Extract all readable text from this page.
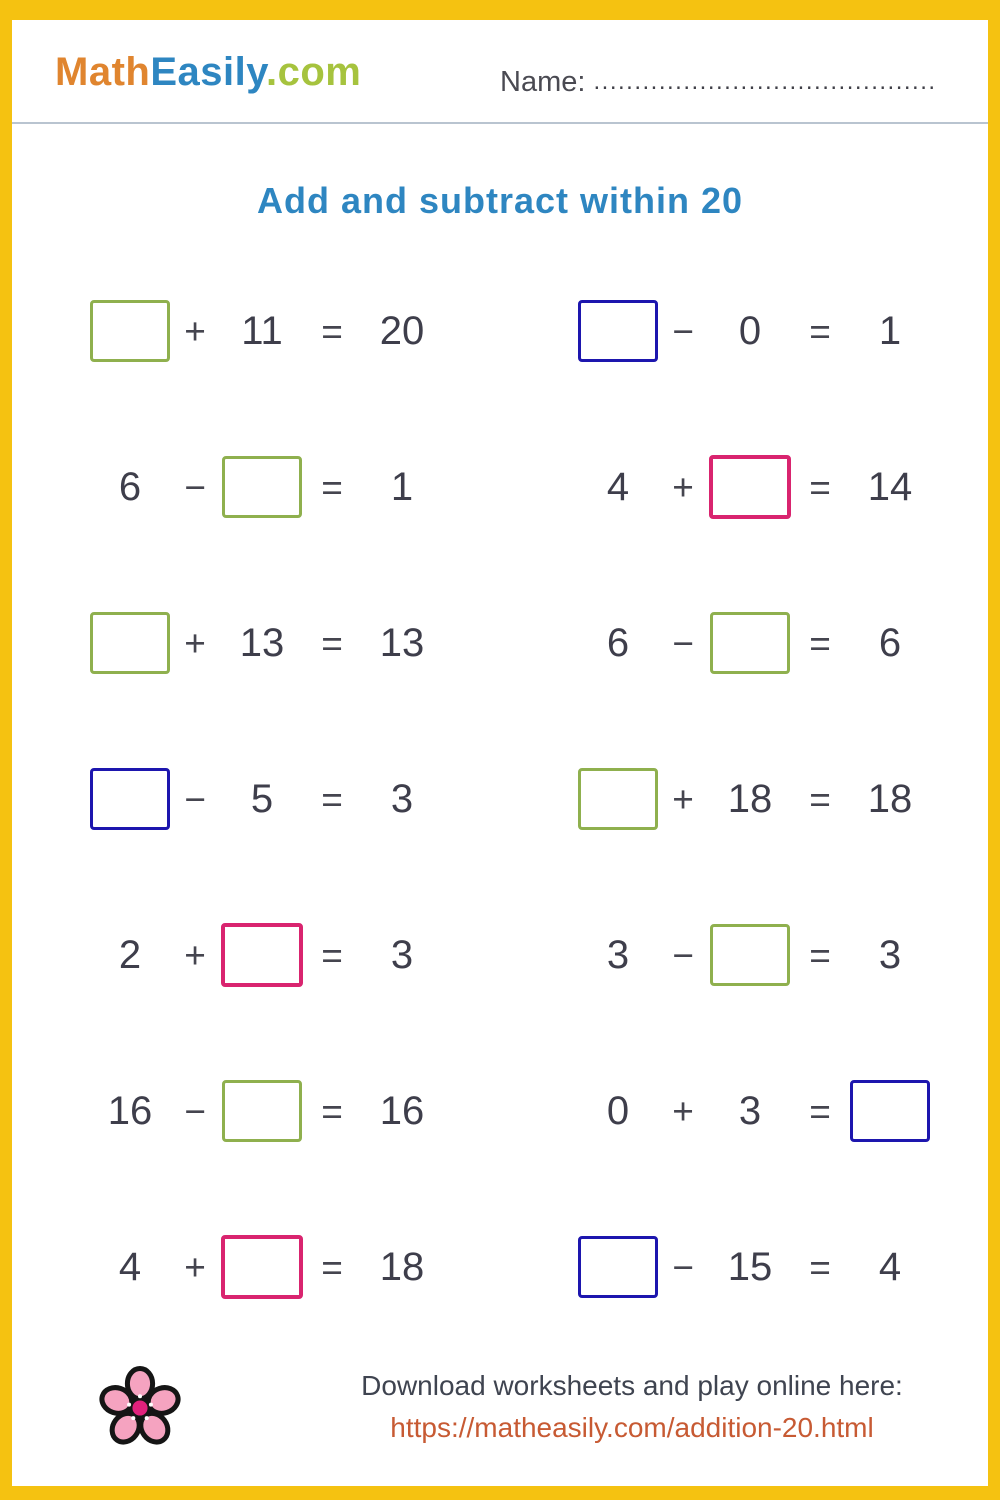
MathEasily.com	Name: ..........................................
Add and subtract within 20
+ 11 = 20	− 0 = 1
6 −	= 1	4 +	= 14
+ 13 = 13	6 −	= 6
− 5 = 3	+ 18 = 18
2 +	= 3	3 −	= 3
16 −	= 16	0 + 3 =
4 +	= 18	− 15 = 4
Download worksheets and play online here:
https://matheasily.com/addition-20.html
